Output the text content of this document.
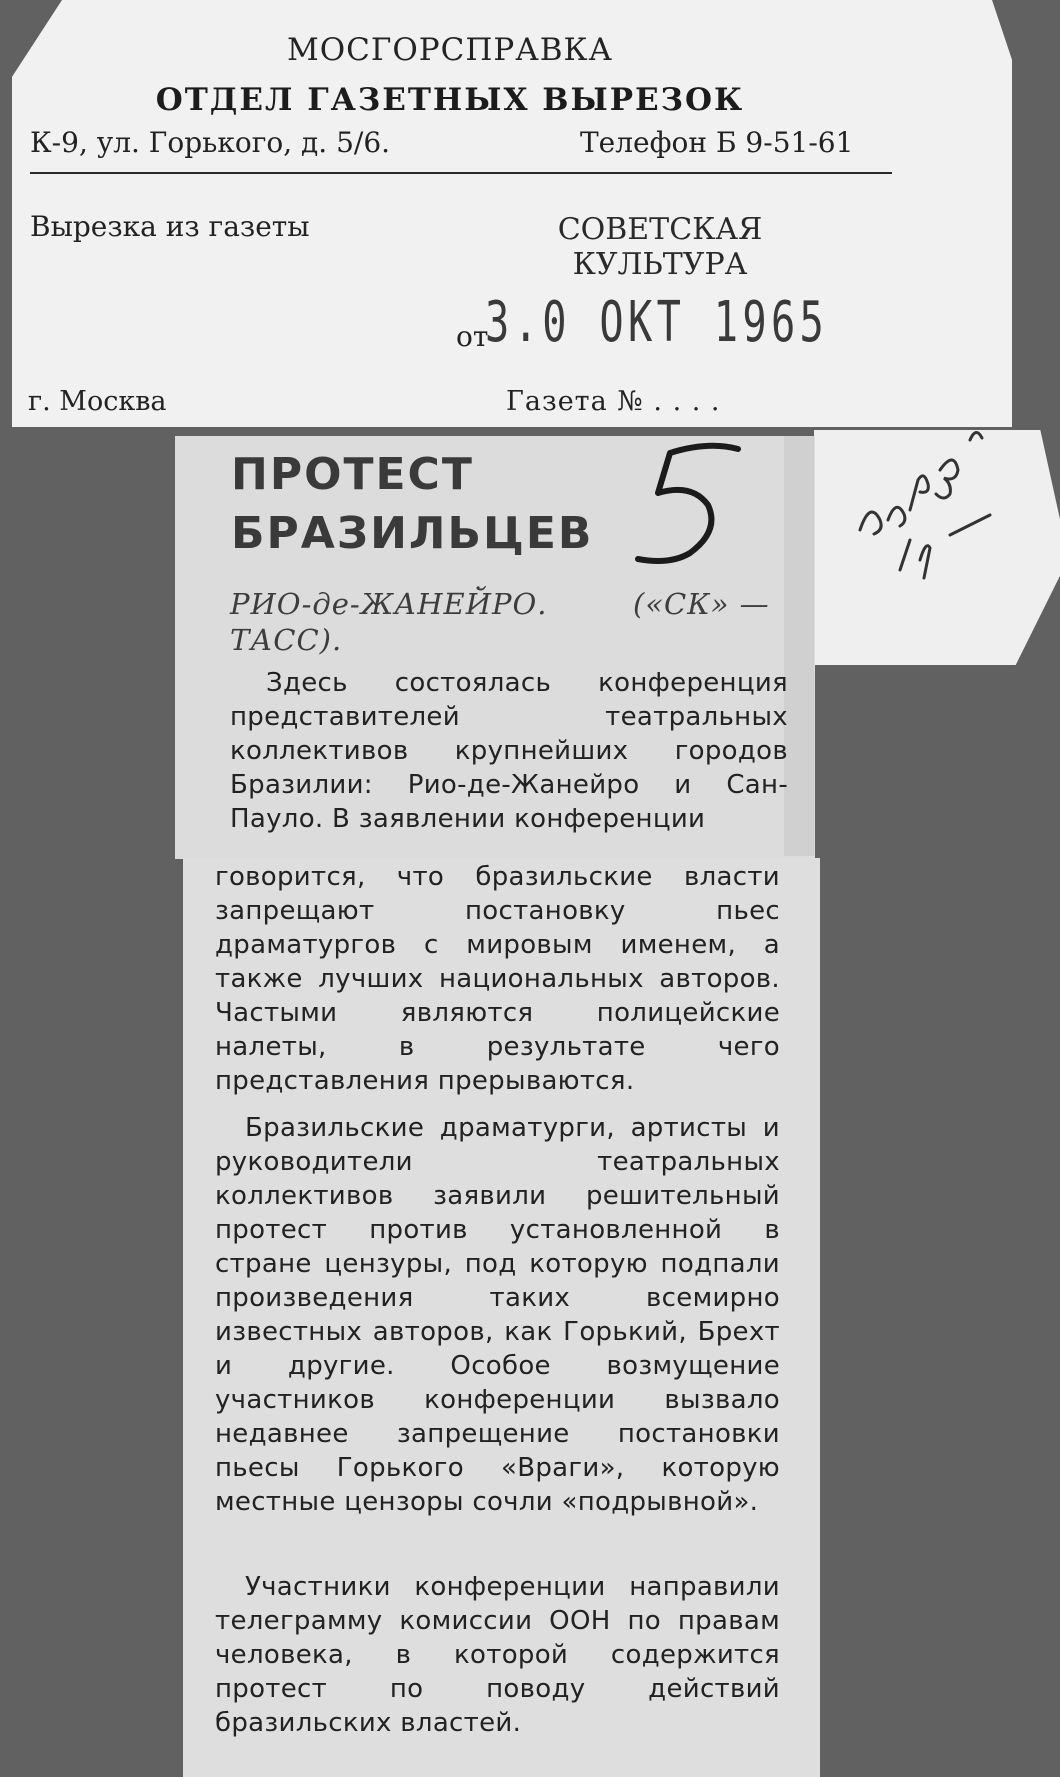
МОСГОРСПРАВКА
ОТДЕЛ ГАЗЕТНЫХ ВЫРЕЗОК
К-9, ул. Горького, д. 5/6.	Телефон Б 9-51-61
Вырезка из газеты	СОВЕТСКАЯ КУЛЬТУРА
от
3.0 ОКТ 1965
г. Москва	Газета № . . . .
ПРОТЕСТ
БРАЗИЛЬЦЕВ
РИО-де-ЖАНЕЙРО.	(«СК» —
ТАСС).
Здесь состоялась конференция представителей театральных коллективов крупнейших городов Бразилии: Рио-де-Жанейро и Сан-Пауло. В заявлении конференции
говорится, что бразильские власти запрещают постановку пьес драматургов с мировым именем, а также лучших национальных авторов. Частыми являются полицейские налеты, в результате чего представления прерываются.
Бразильские драматурги, артисты и руководители театральных коллективов заявили решительный протест против установленной в стране цензуры, под которую подпали произведения таких всемирно известных авторов, как Горький, Брехт и другие. Особое возмущение участников конференции вызвало недавнее запрещение постановки пьесы Горького «Враги», которую местные цензоры сочли «подрывной».
Участники конференции направили телеграмму комиссии ООН по правам человека, в которой содержится протест по поводу действий бразильских властей.
